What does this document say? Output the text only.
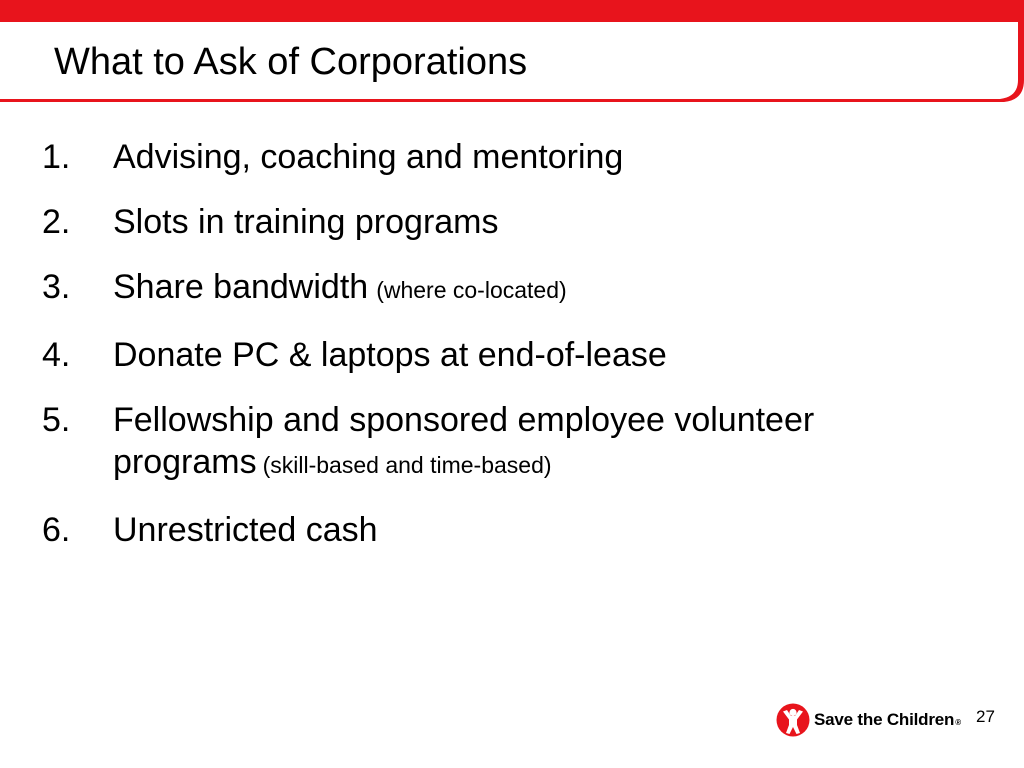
What to Ask of Corporations
1. Advising, coaching and mentoring
2. Slots in training programs
3. Share bandwidth (where co-located)
4. Donate PC & laptops at end-of-lease
5. Fellowship and sponsored employee volunteer
programs (skill-based and time-based)
6. Unrestricted cash
Save the Children® 27
